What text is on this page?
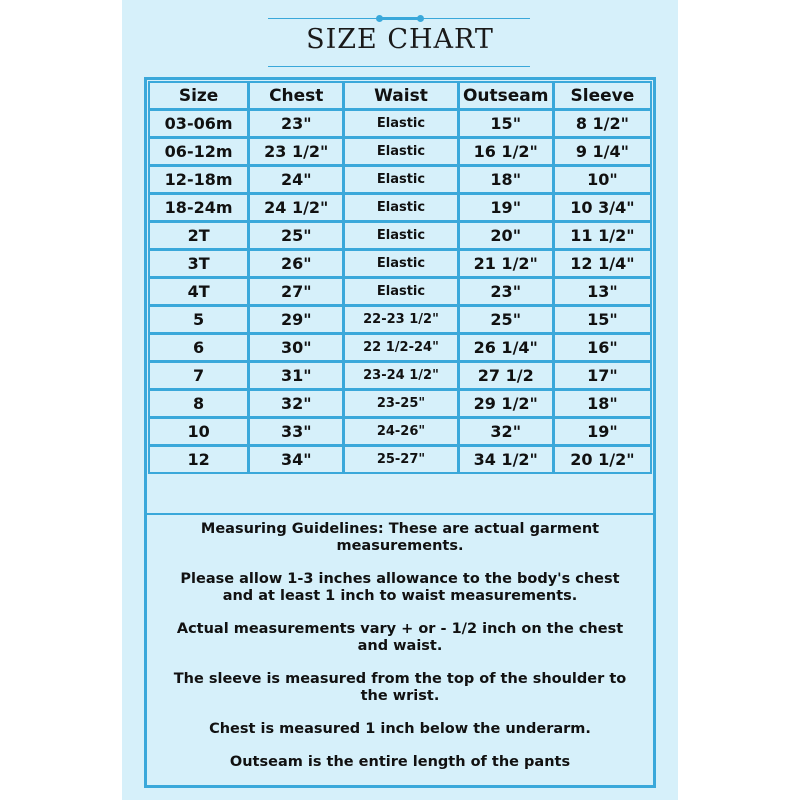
SIZE CHART
Size	Chest	Waist	Outseam	Sleeve
03-06m	23"	Elastic	15"	8 1/2"
06-12m	23 1/2"	Elastic	16 1/2"	9 1/4"
12-18m	24"	Elastic	18"	10"
18-24m	24 1/2"	Elastic	19"	10 3/4"
2T	25"	Elastic	20"	11 1/2"
3T	26"	Elastic	21 1/2"	12 1/4"
4T	27"	Elastic	23"	13"
5	29"	22-23 1/2"	25"	15"
6	30"	22 1/2-24"	26 1/4"	16"
7	31"	23-24 1/2"	27 1/2	17"
8	32"	23-25"	29 1/2"	18"
10	33"	24-26"	32"	19"
12	34"	25-27"	34 1/2"	20 1/2"

Measuring Guidelines: These are actual garment measurements.

Please allow 1-3 inches allowance to the body's chest and at least 1 inch to waist measurements.

Actual measurements vary + or - 1/2 inch on the chest and waist.

The sleeve is measured from the top of the shoulder to the wrist.

Chest is measured 1 inch below the underarm.

Outseam is the entire length of the pants
